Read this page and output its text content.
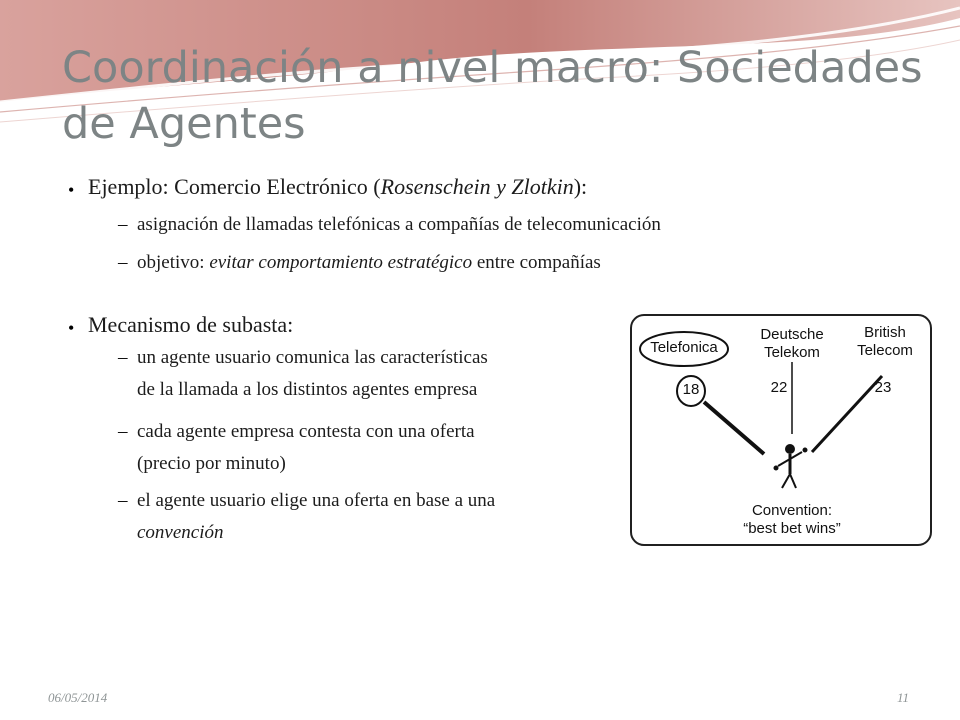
Coordinación a nivel macro: Sociedades de Agentes
• Ejemplo: Comercio Electrónico (Rosenschein y Zlotkin):

– asignación de llamadas telefónicas a compañías de telecomunicación

– objetivo: evitar comportamiento estratégico entre compañías

• Mecanismo de subasta:

– un agente usuario comunica las características

de la llamada a los distintos agentes empresa

– cada agente empresa contesta con una oferta

(precio por minuto)

– el agente usuario elige una oferta en base a una

convención

Telefonica
Deutsche
Telekom
British
Telecom
18	22	23
Convention:
“best bet wins”
06/05/2014	11
